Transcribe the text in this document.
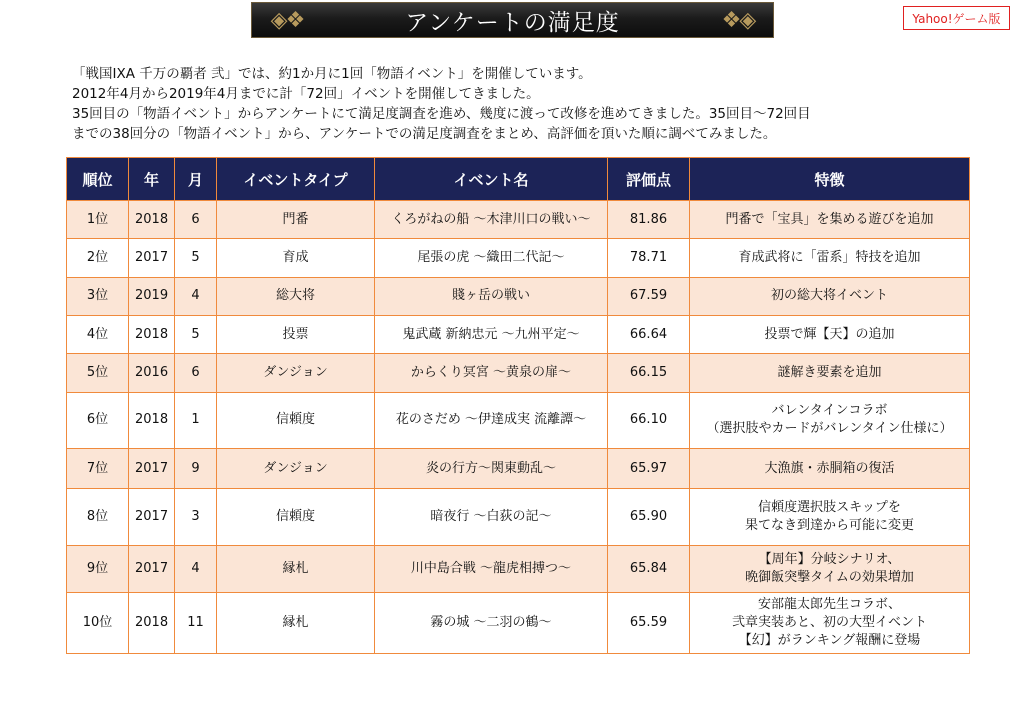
◈❖	アンケートの満足度	❖◈	Yahoo!ゲーム版

「戦国IXA 千万の覇者 弐」では、約1か月に1回「物語イベント」を開催しています。

2012年4月から2019年4月までに計「72回」イベントを開催してきました。

35回目の「物語イベント」からアンケートにて満足度調査を進め、幾度に渡って改修を進めてきました。35回目～72回目

までの38回分の「物語イベント」から、アンケートでの満足度調査をまとめ、高評価を頂いた順に調べてみました。

順位	年	月	イベントタイプ	イベント名	評価点	特徴
1位	2018	6	門番	くろがねの船 ～木津川口の戦い～	81.86	門番で「宝具」を集める遊びを追加

2位	2017	5	育成	尾張の虎 ～織田二代記～	78.71	育成武将に「雷系」特技を追加

3位	2019	4	総大将	賤ヶ岳の戦い	67.59	初の総大将イベント

4位	2018	5	投票	鬼武蔵 新納忠元 ～九州平定～	66.64	投票で輝【天】の追加

5位	2016	6	ダンジョン	からくり冥宮 ～黄泉の扉～	66.15	謎解き要素を追加

6位	2018	1	信頼度	花のさだめ ～伊達成実 流離譚～	66.10	バレンタインコラボ
（選択肢やカードがバレンタイン仕様に）

7位	2017	9	ダンジョン	炎の行方～関東動乱～	65.97	大漁旗・赤胴箱の復活

8位	2017	3	信頼度	暗夜行 ～白荻の記～	65.90	信頼度選択肢スキップを
果てなき到達から可能に変更

9位	2017	4	縁札	川中島合戦 ～龍虎相搏つ～	65.84	【周年】分岐シナリオ、
晩御飯突撃タイムの効果増加

10位	2018	11	縁札	霧の城 ～二羽の鶴～	65.59	安部龍太郎先生コラボ、
弐章実装あと、初の大型イベント
【幻】がランキング報酬に登場
